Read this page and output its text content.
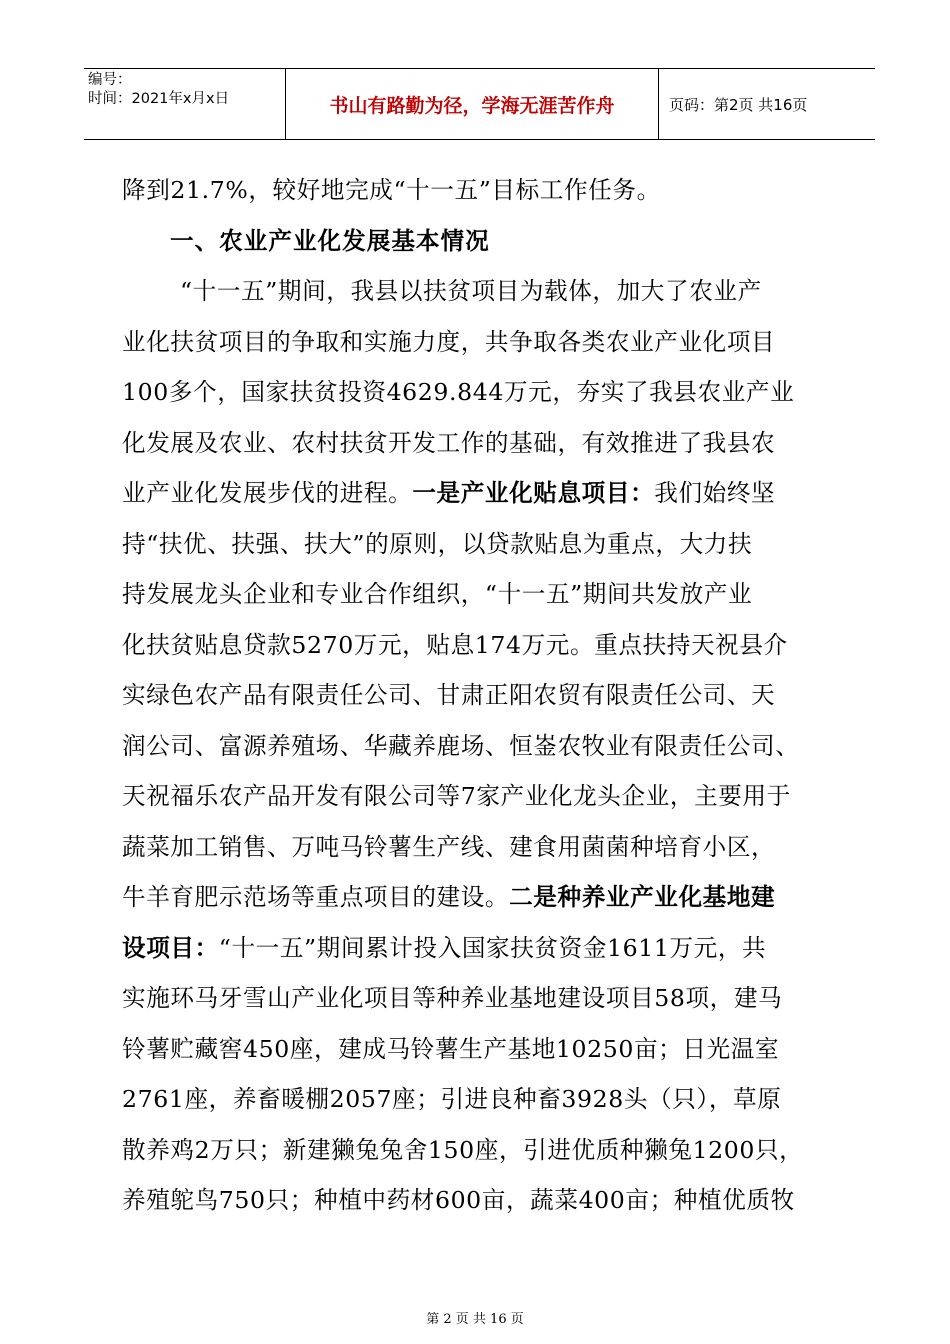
编号：
时间：2021年x月x日	书山有路勤为径，学海无涯苦作舟	页码：第2页 共16页
降到21.7%，较好地完成“十一五”目标工作任务。
一、农业产业化发展基本情况
“十一五”期间，我县以扶贫项目为载体，加大了农业产
业化扶贫项目的争取和实施力度，共争取各类农业产业化项目
100多个，国家扶贫投资4629.844万元，夯实了我县农业产业
化发展及农业、农村扶贫开发工作的基础，有效推进了我县农
业产业化发展步伐的进程。一是产业化贴息项目：我们始终坚
持“扶优、扶强、扶大”的原则，以贷款贴息为重点，大力扶
持发展龙头企业和专业合作组织，“十一五”期间共发放产业
化扶贫贴息贷款5270万元，贴息174万元。重点扶持天祝县介
实绿色农产品有限责任公司、甘肃正阳农贸有限责任公司、天
润公司、富源养殖场、华藏养鹿场、恒崟农牧业有限责任公司、
天祝福乐农产品开发有限公司等7家产业化龙头企业，主要用于
蔬菜加工销售、万吨马铃薯生产线、建食用菌菌种培育小区，
牛羊育肥示范场等重点项目的建设。二是种养业产业化基地建
设项目：“十一五”期间累计投入国家扶贫资金1611万元，共
实施环马牙雪山产业化项目等种养业基地建设项目58项，建马
铃薯贮藏窖450座，建成马铃薯生产基地10250亩；日光温室
2761座，养畜暖棚2057座；引进良种畜3928头（只），草原
散养鸡2万只；新建獭兔兔舍150座，引进优质种獭兔1200只，
养殖鸵鸟750只；种植中药材600亩，蔬菜400亩；种植优质牧
第 2 页 共 16 页
